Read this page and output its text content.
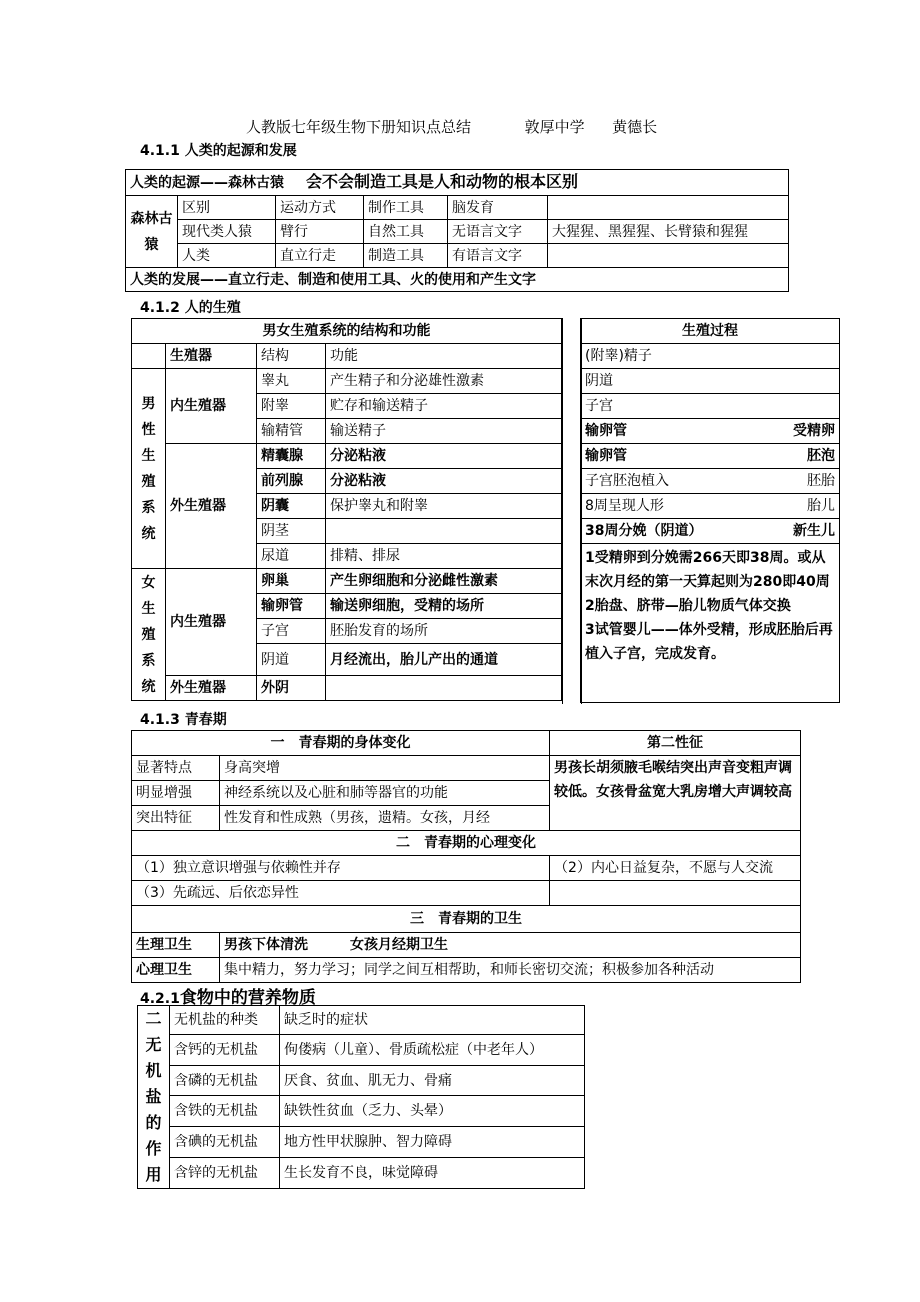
人教版七年级生物下册知识点总结	敦厚中学 黄德长
4.1.1 人类的起源和发展
人类的起源——森林古猿 会不会制造工具是人和动物的根本区别					
森林古猿	区别	运动方式	制作工具	脑发育	
	现代类人猿	臂行	自然工具	无语言文字	大猩猩、黑猩猩、长臂猿和猩猩
	人类	直立行走	制造工具	有语言文字	
人类的发展——直立行走、制造和使用工具、火的使用和产生文字					
4.1.2 人的生殖
男女生殖系统的结构和功能			
	生殖器	结构	功能
男性生殖系统	内生殖器	睾丸	产生精子和分泌雄性激素
		附睾	贮存和输送精子
		输精管	输送精子
	外生殖器	精囊腺	分泌粘液
		前列腺	分泌粘液
		阴囊	保护睾丸和附睾
		阴茎	
		尿道	排精、排尿
女生殖系统	内生殖器	卵巢	产生卵细胞和分泌雌性激素
		输卵管	输送卵细胞，受精的场所
		子宫	胚胎发育的场所
		阴道	月经流出，胎儿产出的通道
	外生殖器	外阴	
生殖过程

(附睾)精子

阴道

子宫

输卵管	受精卵

输卵管	胚泡

子宫胚泡植入	胚胎

8周呈现人形	胎儿

38周分娩（阴道）	新生儿

1受精卵到分娩需266天即38周。或从末次月经的第一天算起则为280即40周
2胎盘、脐带—胎儿物质气体交换
3试管婴儿——体外受精，形成胚胎后再植入子宫，完成发育。
4.1.3 青春期
一　青春期的身体变化		第二性征
显著特点	身高突增	男孩长胡须腋毛喉结突出声音变粗声调较低。女孩骨盆宽大乳房增大声调较高
明显增强	神经系统以及心脏和肺等器官的功能	
突出特征	性发育和性成熟（男孩，遗精。女孩，月经	
二　青春期的心理变化		
（1）独立意识增强与依赖性并存		（2）内心日益复杂，不愿与人交流
（3）先疏远、后依恋异性		
三　青春期的卫生		
生理卫生	男孩下体清洗　　　女孩月经期卫生	
心理卫生	集中精力，努力学习；同学之间互相帮助，和师长密切交流；积极参加各种活动	
4.2.1食物中的营养物质
二无机盐的作用	无机盐的种类	缺乏时的症状
	含钙的无机盐	佝偻病（儿童）、骨质疏松症（中老年人）
	含磷的无机盐	厌食、贫血、肌无力、骨痛
	含铁的无机盐	缺铁性贫血（乏力、头晕）
	含碘的无机盐	地方性甲状腺肿、智力障碍
	含锌的无机盐	生长发育不良，味觉障碍
